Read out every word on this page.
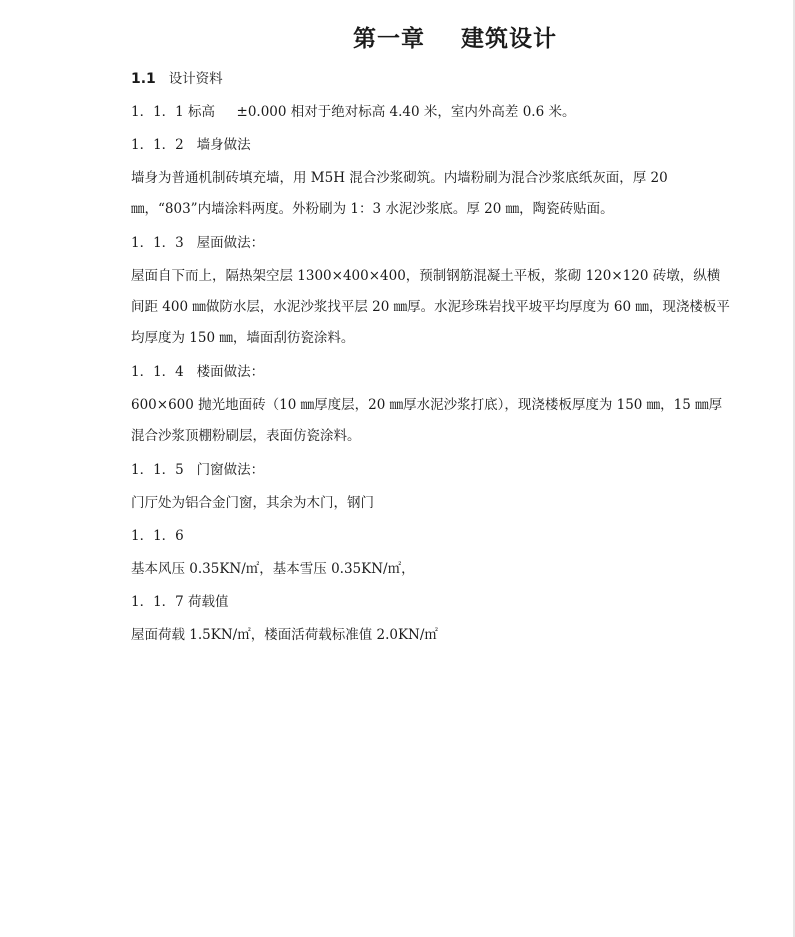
第一章    建筑设计
1.1 设计资料
1．1．1 标高     ±0.000 相对于绝对标高 4.40 米，室内外高差 0.6 米。
1．1．2   墙身做法
墙身为普通机制砖填充墙，用 M5H 混合沙浆砌筑。内墙粉刷为混合沙浆底纸灰面，厚 20 ㎜，“803”内墙涂料两度。外粉刷为 1：3 水泥沙浆底。厚 20 ㎜，陶瓷砖贴面。
1．1．3   屋面做法：
屋面自下而上，隔热架空层 1300×400×400，预制钢筋混凝土平板，浆砌 120×120 砖墩，纵横间距 400 ㎜做防水层，水泥沙浆找平层 20 ㎜厚。水泥珍珠岩找平坡平均厚度为 60 ㎜，现浇楼板平均厚度为 150 ㎜，墙面刮彷瓷涂料。
1．1．4   楼面做法：
600×600 抛光地面砖（10 ㎜厚度层，20 ㎜厚水泥沙浆打底），现浇楼板厚度为 150 ㎜，15 ㎜厚混合沙浆顶棚粉刷层，表面仿瓷涂料。
1．1．5   门窗做法：
门厅处为铝合金门窗，其余为木门，钢门
1．1．6
基本风压 0.35KN/㎡，基本雪压 0.35KN/㎡，
1．1．7 荷载值
屋面荷载 1.5KN/㎡，楼面活荷载标准值 2.0KN/㎡
